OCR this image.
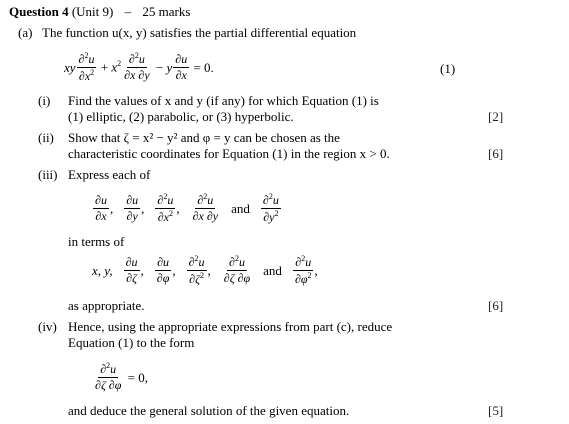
Question 4 (Unit 9) – 25 marks
(a) The function u(x, y) satisfies the partial differential equation
xy $\frac{\partial^2u}{\partial x^2} + x^2 \frac{\partial^2u}{\partial x \partial y} - y \frac{\partial u}{\partial x} = 0$.	(1)
(i) Find the values of x and y (if any) for which Equation (1) is
(1) elliptic, (2) parabolic, or (3) hyperbolic.	[2]
(ii) Show that ζ = x² − y² and φ = y can be chosen as the
characteristic coordinates for Equation (1) in the region x > 0.	[6]
(iii) Express each of
$\frac{\partial u}{\partial x}$ , $\frac{\partial u}{\partial y}$ , $\frac{\partial^2u}{\partial x^2}$ , $\frac{\partial^2u}{\partial x \partial y}$ and $\frac{\partial^2u}{\partial y^2}$
in terms of
x, y, $\frac{\partial u}{\partial\zeta}$ , $\frac{\partial u}{\partial\varphi}$ , $\frac{\partial^2u}{\partial\zeta^2}$ , $\frac{\partial^2u}{\partial\zeta \partial\varphi}$ and $\frac{\partial^2u}{\partial\varphi^2}$ ,
as appropriate.	[6]
(iv) Hence, using the appropriate expressions from part (c), reduce
Equation (1) to the form
$\frac{\partial^2u}{\partial\zeta \partial\varphi} = 0$,
and deduce the general solution of the given equation.	[5]
